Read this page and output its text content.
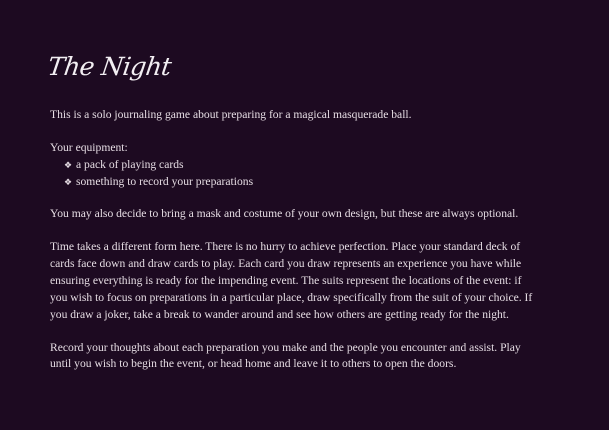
The Night
This is a solo journaling game about preparing for a magical masquerade ball.
Your equipment:
❖ a pack of playing cards
❖ something to record your preparations
You may also decide to bring a mask and costume of your own design, but these are always optional.
Time takes a different form here. There is no hurry to achieve perfection. Place your standard deck of
cards face down and draw cards to play. Each card you draw represents an experience you have while
ensuring everything is ready for the impending event. The suits represent the locations of the event: if
you wish to focus on preparations in a particular place, draw specifically from the suit of your choice. If
you draw a joker, take a break to wander around and see how others are getting ready for the night.
Record your thoughts about each preparation you make and the people you encounter and assist. Play
until you wish to begin the event, or head home and leave it to others to open the doors.
